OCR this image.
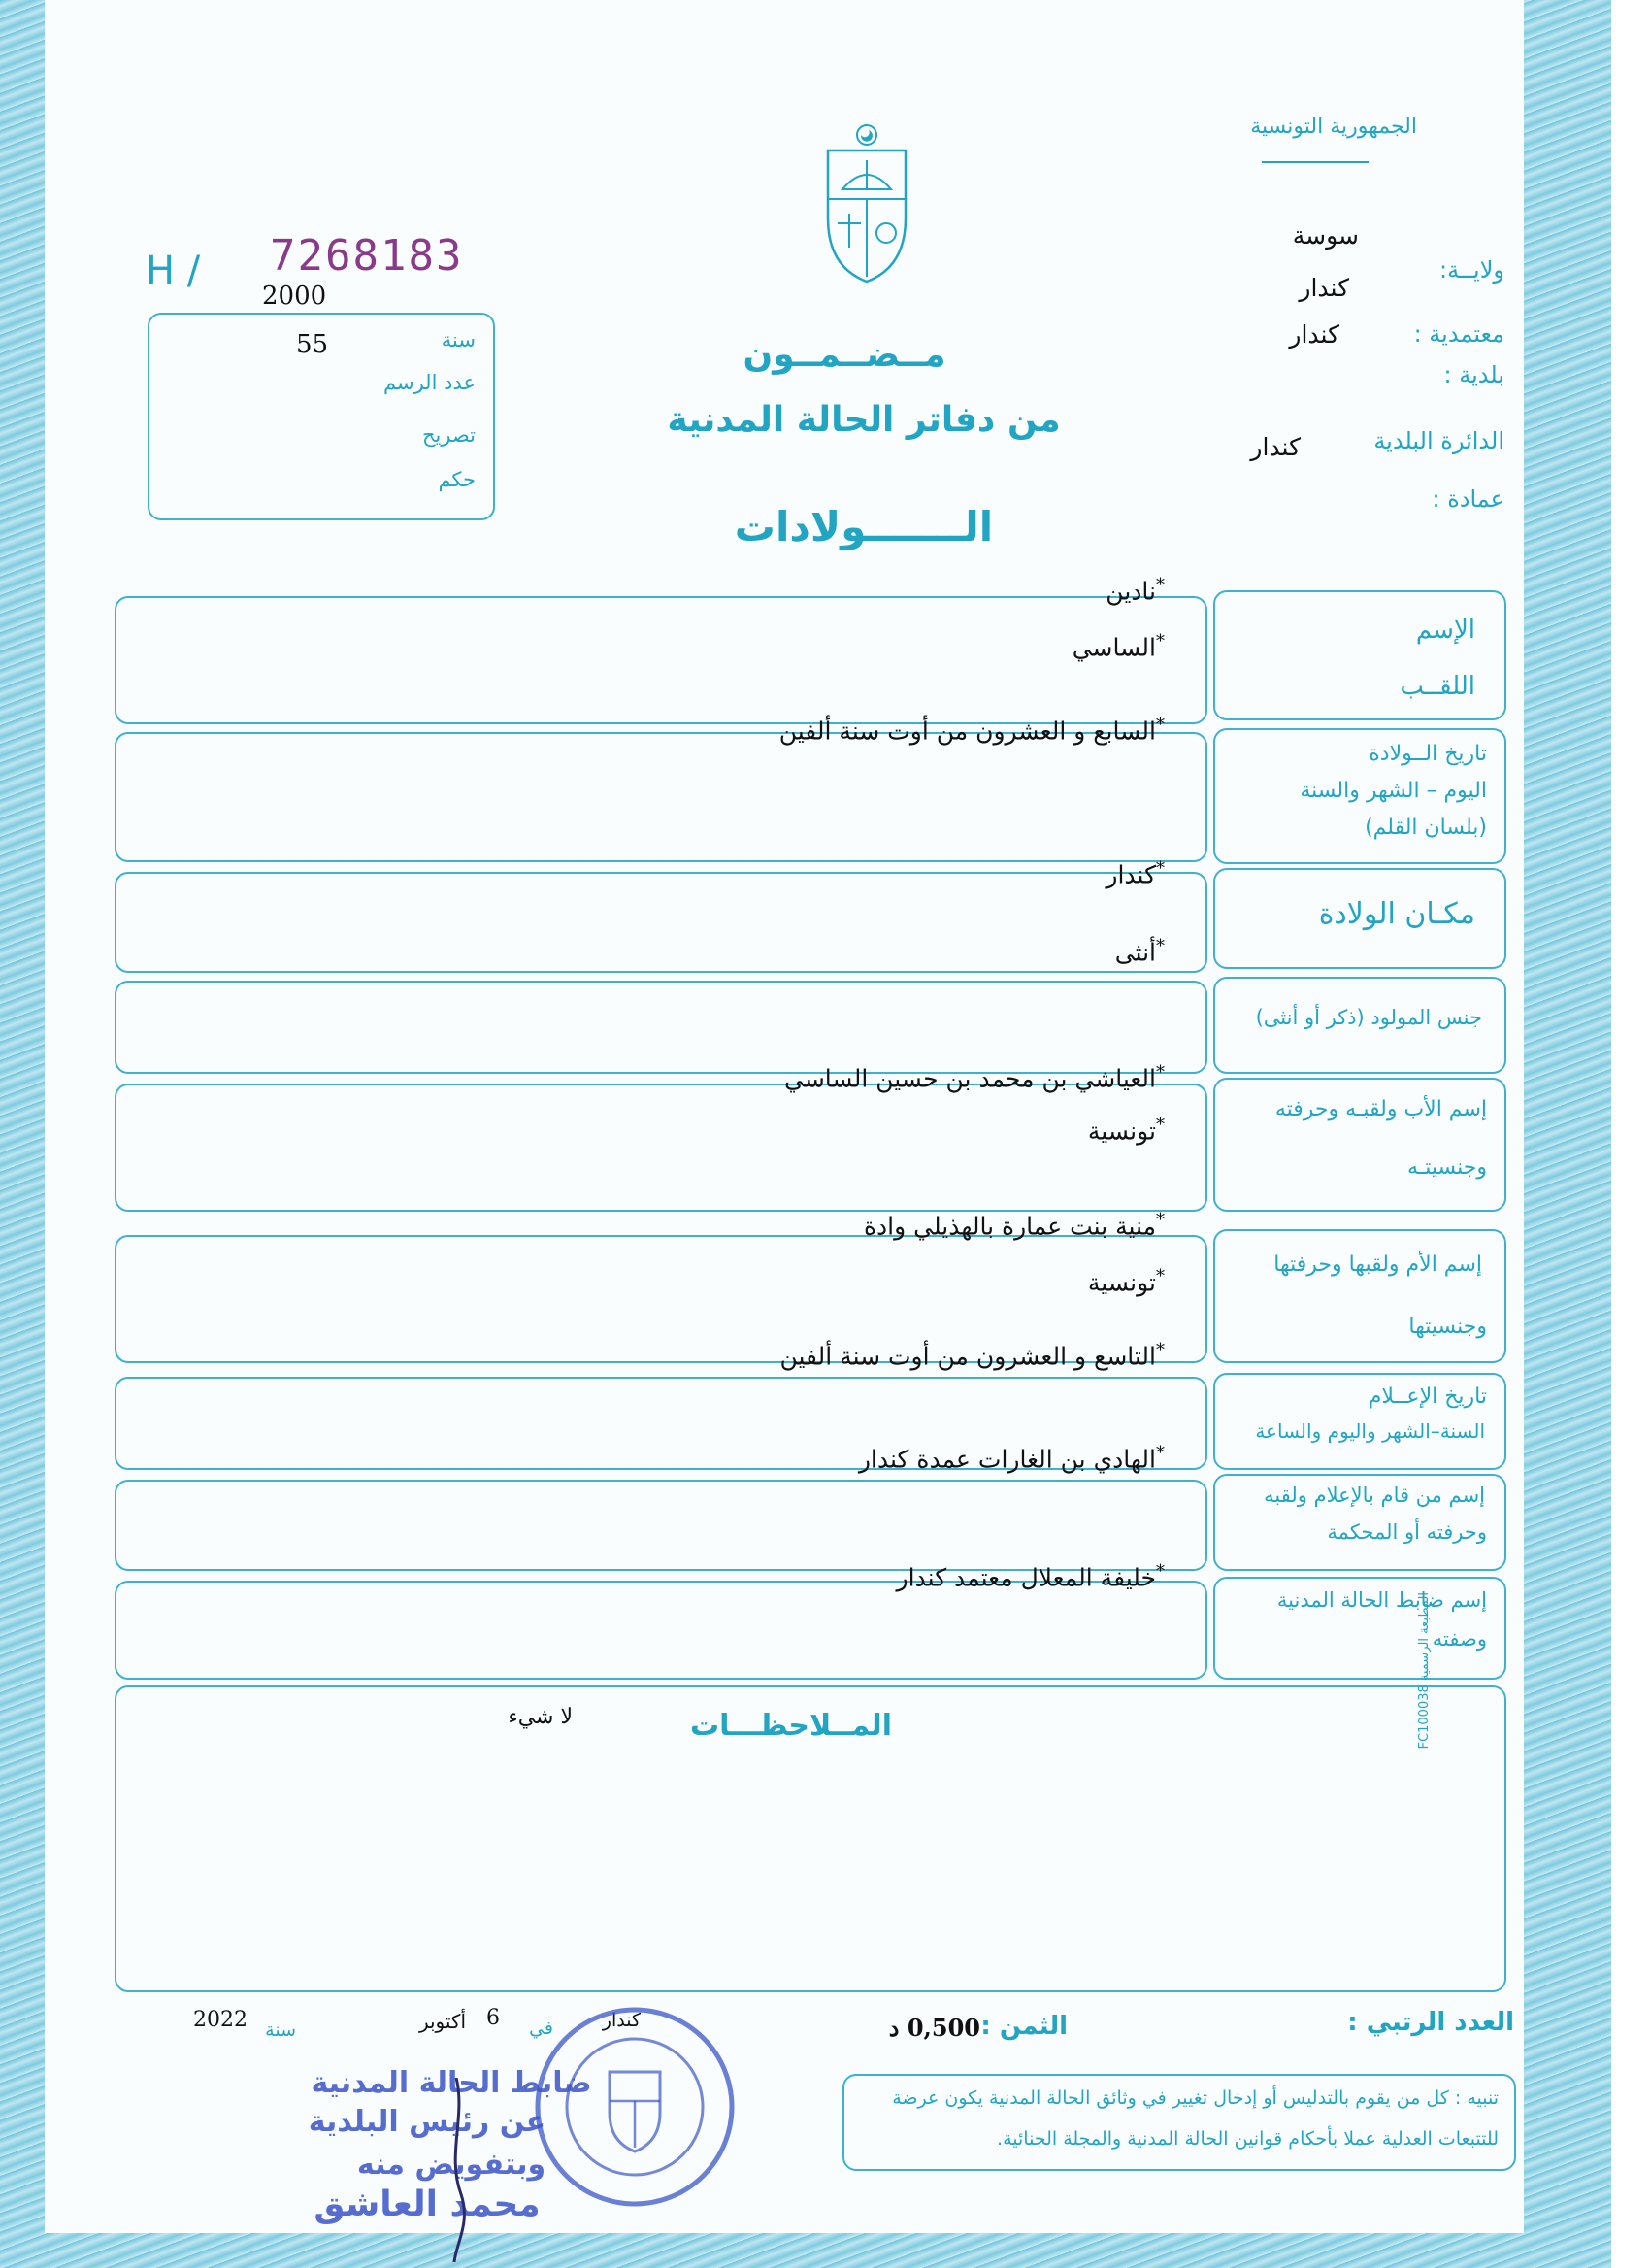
الجمهورية التونسية
سوسة
ولايــة:
كندار
معتمدية :
كندار
بلدية :
كندار	الدائرة البلدية
عمادة :
مــضــمــون
من دفاتر الحالة المدنية
الـــــــولادات
H / 7268183
2000
سنة
55
عدد الرسم
تصريح
حكم
الإسم
اللقــب
*نادين
*الساسي
تاريخ الــولادة
اليوم – الشهر والسنة
(بلسان القلم)
*السابع و العشرون من أوت سنة ألفين
مكـان الولادة
*كندار
*أنثى
جنس المولود (ذكر أو أنثى)
إسم الأب ولقبـه وحرفته
وجنسيتـه
*العياشي بن محمد بن حسين الساسي
*تونسية
إسم الأم ولقبها وحرفتها
وجنسيتها
*منية بنت عمارة بالهذيلي وادة
*تونسية
تاريخ الإعــلام
السنة–الشهر واليوم والساعة
*التاسع و العشرون من أوت سنة ألفين
إسم من قام بالإعلام ولقبه
وحرفته أو المحكمة
*الهادي بن الغارات عمدة كندار
إسم ضابط الحالة المدنية
وصفته
*خليفة المعلال معتمد كندار
المــلاحظـــات
لا شيء	المطبعة الرسمية FC100038
العدد الرتبي :
الثمن :
0,500 د
كندار
في
6
أكتوبر
سنة
2022
تنبيه : كل من يقوم بالتدليس أو إدخال تغيير في وثائق الحالة المدنية يكون عرضة
للتتبعات العدلية عملا بأحكام قوانين الحالة المدنية والمجلة الجنائية.
ضابط الحالة المدنية
عن رئيس البلدية
وبتفويض منه
محمد العاشق
